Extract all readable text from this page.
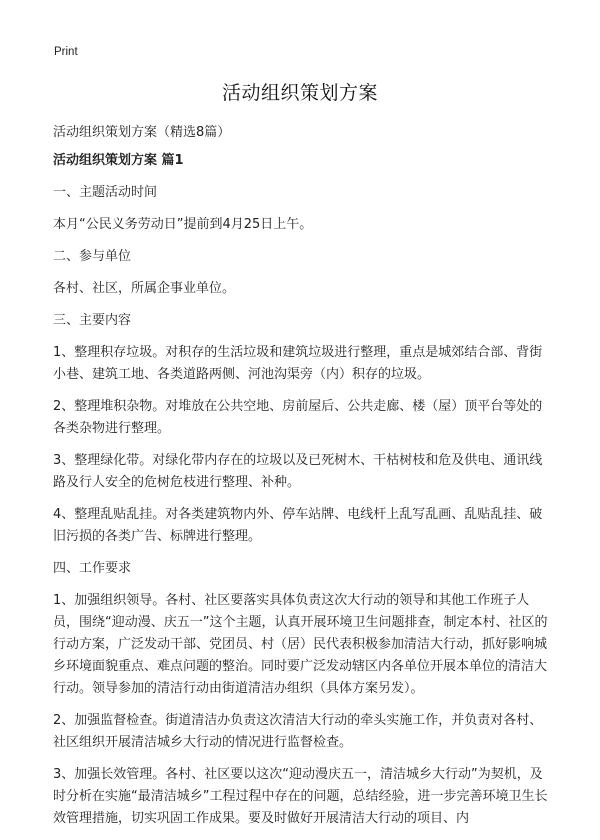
Print
活动组织策划方案
活动组织策划方案（精选8篇）
活动组织策划方案 篇1

一、主题活动时间

本月“公民义务劳动日”提前到4月25日上午。

二、参与单位

各村、社区，所属企事业单位。

三、主要内容

1、整理积存垃圾。对积存的生活垃圾和建筑垃圾进行整理，重点是城郊结合部、背街小巷、建筑工地、各类道路两侧、河池沟渠旁（内）积存的垃圾。

2、整理堆积杂物。对堆放在公共空地、房前屋后、公共走廊、楼（屋）顶平台等处的各类杂物进行整理。

3、整理绿化带。对绿化带内存在的垃圾以及已死树木、干枯树枝和危及供电、通讯线路及行人安全的危树危枝进行整理、补种。

4、整理乱贴乱挂。对各类建筑物内外、停车站牌、电线杆上乱写乱画、乱贴乱挂、破旧污损的各类广告、标牌进行整理。

四、工作要求

1、加强组织领导。各村、社区要落实具体负责这次大行动的领导和其他工作班子人员，围绕“迎动漫、庆五一”这个主题，认真开展环境卫生问题排查，制定本村、社区的行动方案，广泛发动干部、党团员、村（居）民代表积极参加清洁大行动，抓好影响城乡环境面貌重点、难点问题的整治。同时要广泛发动辖区内各单位开展本单位的清洁大行动。领导参加的清洁行动由街道清洁办组织（具体方案另发）。

2、加强监督检查。街道清洁办负责这次清洁大行动的牵头实施工作，并负责对各村、社区组织开展清洁城乡大行动的情况进行监督检查。

3、加强长效管理。各村、社区要以这次“迎动漫庆五一，清洁城乡大行动”为契机，及时分析在实施“最清洁城乡”工程过程中存在的问题，总结经验，进一步完善环境卫生长效管理措施，切实巩固工作成果。要及时做好开展清洁大行动的项目、内
